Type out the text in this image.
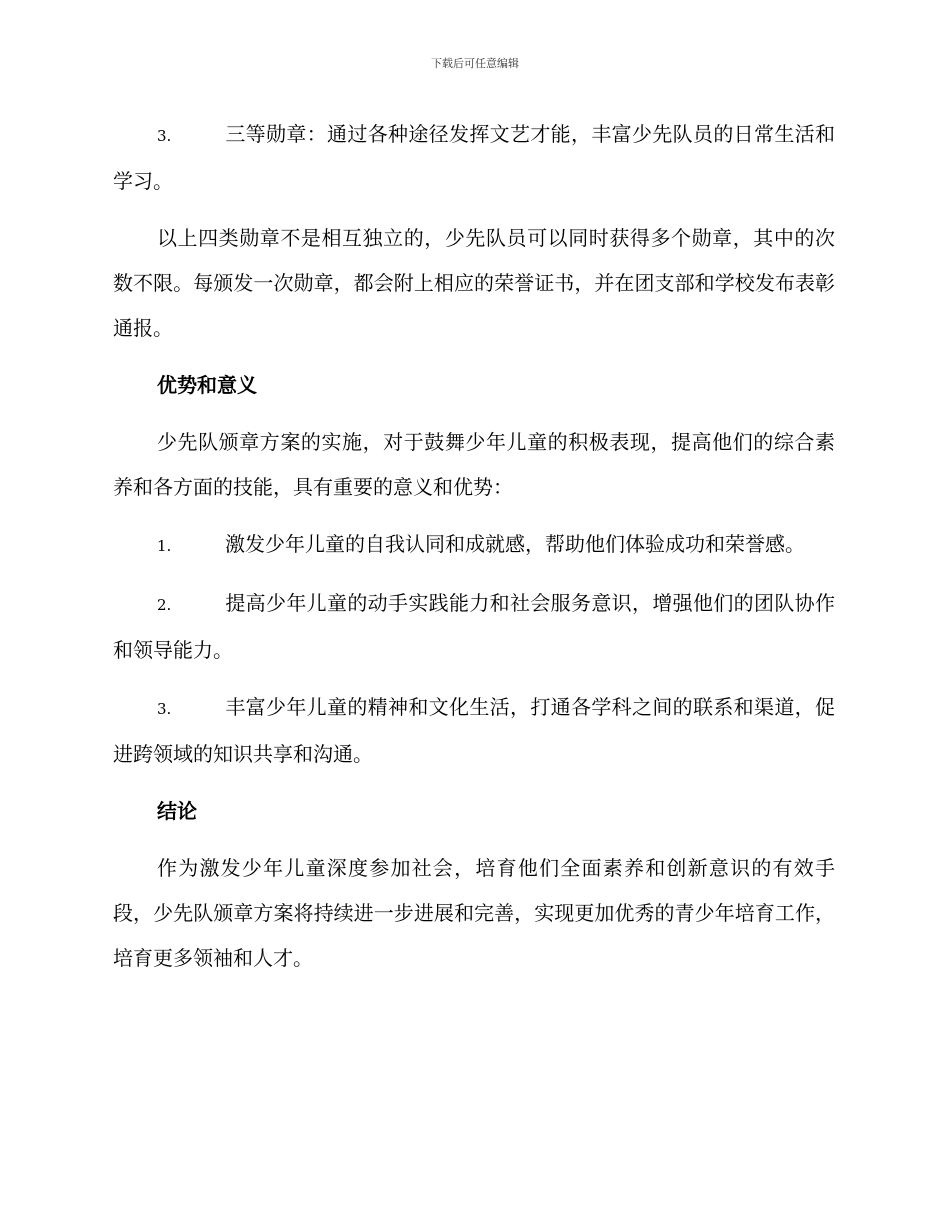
下载后可任意编辑

3.	三等勋章：通过各种途径发挥文艺才能，丰富少先队员的日常生活和学习。

以上四类勋章不是相互独立的，少先队员可以同时获得多个勋章，其中的次数不限。每颁发一次勋章，都会附上相应的荣誉证书，并在团支部和学校发布表彰通报。

优势和意义

少先队颁章方案的实施，对于鼓舞少年儿童的积极表现，提高他们的综合素养和各方面的技能，具有重要的意义和优势：

1.	激发少年儿童的自我认同和成就感，帮助他们体验成功和荣誉感。

2.	提高少年儿童的动手实践能力和社会服务意识，增强他们的团队协作和领导能力。

3.	丰富少年儿童的精神和文化生活，打通各学科之间的联系和渠道，促进跨领域的知识共享和沟通。

结论

作为激发少年儿童深度参加社会，培育他们全面素养和创新意识的有效手段，少先队颁章方案将持续进一步进展和完善，实现更加优秀的青少年培育工作，培育更多领袖和人才。
